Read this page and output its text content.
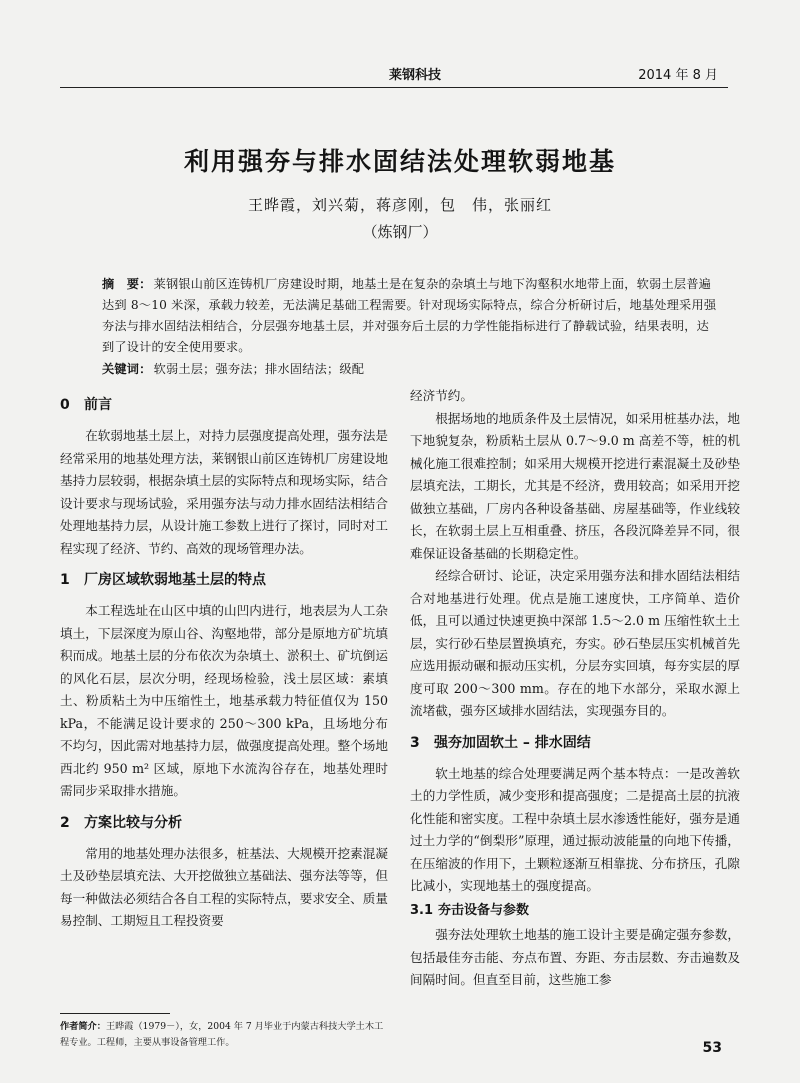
莱钢科技	2014 年 8 月
利用强夯与排水固结法处理软弱地基
王晔霞，刘兴菊，蒋彦刚，包　伟，张丽红
（炼钢厂）
摘　要： 莱钢银山前区连铸机厂房建设时期，地基土是在复杂的杂填土与地下沟壑积水地带上面，软弱土层普遍达到 8～10 米深，承载力较差，无法满足基础工程需要。针对现场实际特点，综合分析研讨后，地基处理采用强夯法与排水固结法相结合，分层强夯地基土层，并对强夯后土层的力学性能指标进行了静载试验，结果表明，达到了设计的安全使用要求。
关键词： 软弱土层；强夯法；排水固结法；级配
0 前言

在软弱地基土层上，对持力层强度提高处理，强夯法是经常采用的地基处理方法，莱钢银山前区连铸机厂房建设地基持力层较弱，根据杂填土层的实际特点和现场实际，结合设计要求与现场试验，采用强夯法与动力排水固结法相结合处理地基持力层，从设计施工参数上进行了探讨，同时对工程实现了经济、节约、高效的现场管理办法。

1 厂房区域软弱地基土层的特点

本工程选址在山区中填的山凹内进行，地表层为人工杂填土，下层深度为原山谷、沟壑地带，部分是原地方矿坑填积而成。地基土层的分布依次为杂填土、淤积土、矿坑倒运的风化石层，层次分明，经现场检验，浅土层区域：素填土、粉质粘土为中压缩性土，地基承载力特征值仅为 150 kPa，不能满足设计要求的 250～300 kPa，且场地分布不均匀，因此需对地基持力层，做强度提高处理。整个场地西北约 950 m² 区域，原地下水流沟谷存在，地基处理时需同步采取排水措施。

2 方案比较与分析

常用的地基处理办法很多，桩基法、大规模开挖素混凝土及砂垫层填充法、大开挖做独立基础法、强夯法等等，但每一种做法必须结合各自工程的实际特点，要求安全、质量易控制、工期短且工程投资要

经济节约。

根据场地的地质条件及土层情况，如采用桩基办法，地下地貌复杂，粉质粘土层从 0.7～9.0 m 高差不等，桩的机械化施工很难控制；如采用大规模开挖进行素混凝土及砂垫层填充法，工期长，尤其是不经济，费用较高；如采用开挖做独立基础，厂房内各种设备基础、房屋基础等，作业线较长，在软弱土层上互相重叠、挤压，各段沉降差异不同，很难保证设备基础的长期稳定性。

经综合研讨、论证，决定采用强夯法和排水固结法相结合对地基进行处理。优点是施工速度快，工序简单、造价低，且可以通过快速更换中深部 1.5～2.0 m 压缩性软土土层，实行砂石垫层置换填充，夯实。砂石垫层压实机械首先应选用振动碾和振动压实机，分层夯实回填，每夯实层的厚度可取 200～300 mm。存在的地下水部分，采取水源上流堵截，强夯区域排水固结法，实现强夯目的。

3 强夯加固软土 – 排水固结

软土地基的综合处理要满足两个基本特点：一是改善软土的力学性质，减少变形和提高强度；二是提高土层的抗液化性能和密实度。工程中杂填土层水渗透性能好，强夯是通过土力学的“倒梨形”原理，通过振动波能量的向地下传播，在压缩波的作用下，土颗粒逐渐互相靠拢、分布挤压，孔隙比减小，实现地基土的强度提高。

3.1 夯击设备与参数

强夯法处理软土地基的施工设计主要是确定强夯参数，包括最佳夯击能、夯点布置、夯距、夯击层数、夯击遍数及间隔时间。但直至目前，这些施工参

作者简介：王晔霞（1979－），女，2004 年 7 月毕业于内蒙古科技大学土木工程专业。工程师，主要从事设备管理工作。	53
